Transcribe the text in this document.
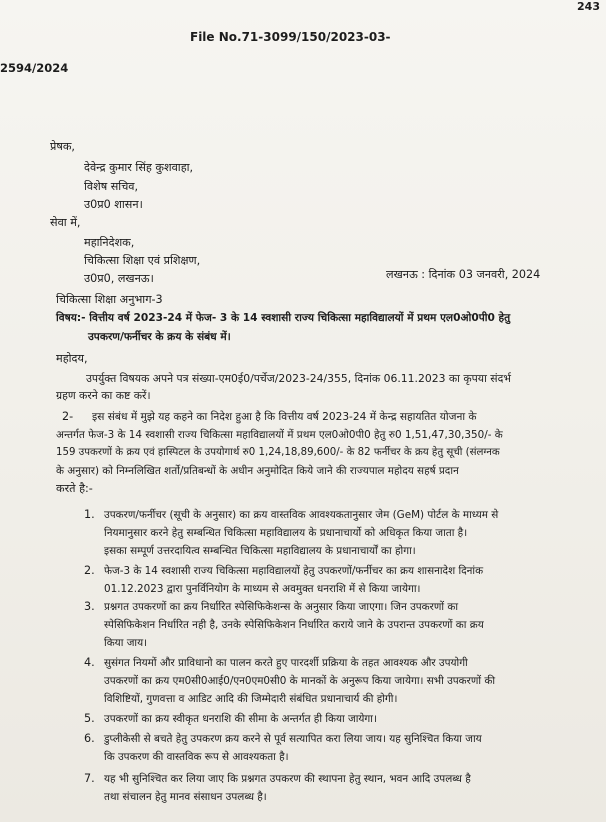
243
File No.71-3099/150/2023-03-
2594/2024
प्रेषक,
देवेन्द्र कुमार सिंह कुशवाहा,
विशेष सचिव,
उ0प्र0 शासन।
सेवा में,
महानिदेशक,
चिकित्सा शिक्षा एवं प्रशिक्षण,
उ0प्र0, लखनऊ।	लखनऊ : दिनांक 03 जनवरी, 2024
चिकित्सा शिक्षा अनुभाग-3
विषय:- वित्तीय वर्ष 2023-24 में फेज- 3 के 14 स्वशासी राज्य चिकित्सा महाविद्यालयों में प्रथम एल0ओ0पी0 हेतु
उपकरण/फर्नीचर के क्रय के संबंध में।
महोदय,
उपर्युक्त विषयक अपने पत्र संख्या-एम0ई0/पर्चेज/2023-24/355, दिनांक 06.11.2023 का कृपया संदर्भ
ग्रहण करने का कष्ट करें।
2- इस संबंध में मुझे यह कहने का निदेश हुआ है कि वित्तीय वर्ष 2023-24 में केन्द्र सहायतित योजना के
अन्तर्गत फेज-3 के 14 स्वशासी राज्य चिकित्सा महाविद्यालयों में प्रथम एल0ओ0पी0 हेतु रु0 1,51,47,30,350/- के
159 उपकरणों के क्रय एवं हास्पिटल के उपयोगार्थ रु0 1,24,18,89,600/- के 82 फर्नीचर के क्रय हेतु सूची (संलग्नक
के अनुसार) को निम्नलिखित शर्तो/प्रतिबन्धों के अधीन अनुमोदित किये जाने की राज्यपाल महोदय सहर्ष प्रदान
करते है:-
1. उपकरण/फर्नीचर (सूची के अनुसार) का क्रय वास्तविक आवश्यकतानुसार जेम (GeM) पोर्टल के माध्यम से
नियमानुसार करने हेतु सम्बन्धित चिकित्सा महाविद्यालय के प्रधानाचार्यो को अधिकृत किया जाता है।
इसका सम्पूर्ण उत्तरदायित्व सम्बन्धित चिकित्सा महाविद्यालय के प्रधानाचार्यों का होगा।
2. फेज-3 के 14 स्वशासी राज्य चिकित्सा महाविद्यालयों हेतु उपकरणों/फर्नीचर का क्रय शासनादेश दिनांक
01.12.2023 द्वारा पुनर्विनियोग के माध्यम से अवमुक्त धनराशि में से किया जायेगा।
3. प्रश्नगत उपकरणों का क्रय निर्धारित स्पेसिफिकेशन्स के अनुसार किया जाएगा। जिन उपकरणों का
स्पेसिफिकेशन निर्धारित नही है, उनके स्पेसिफिकेशन निर्धारित कराये जाने के उपरान्त उपकरणों का क्रय
किया जाय।
4. सुसंगत नियमों और प्राविधानो का पालन करते हुए पारदर्शी प्रक्रिया के तहत आवश्यक और उपयोगी
उपकरणों का क्रय एम0सी0आई0/एन0एम0सी0 के मानकों के अनुरूप किया जायेगा। सभी उपकरणों की
विशिष्टियों, गुणवत्ता व आडिट आदि की जिम्मेदारी संबंधित प्रधानाचार्य की होगी।
5. उपकरणों का क्रय स्वीकृत धनराशि की सीमा के अन्तर्गत ही किया जायेगा।
6. डुप्लीकेसी से बचते हेतु उपकरण क्रय करने से पूर्व सत्यापित करा लिया जाय। यह सुनिश्चित किया जाय
कि उपकरण की वास्तविक रूप से आवश्यकता है।
7. यह भी सुनिश्चित कर लिया जाए कि प्रश्नगत उपकरण की स्थापना हेतु स्थान, भवन आदि उपलब्ध है
तथा संचालन हेतु मानव संसाधन उपलब्ध है।
